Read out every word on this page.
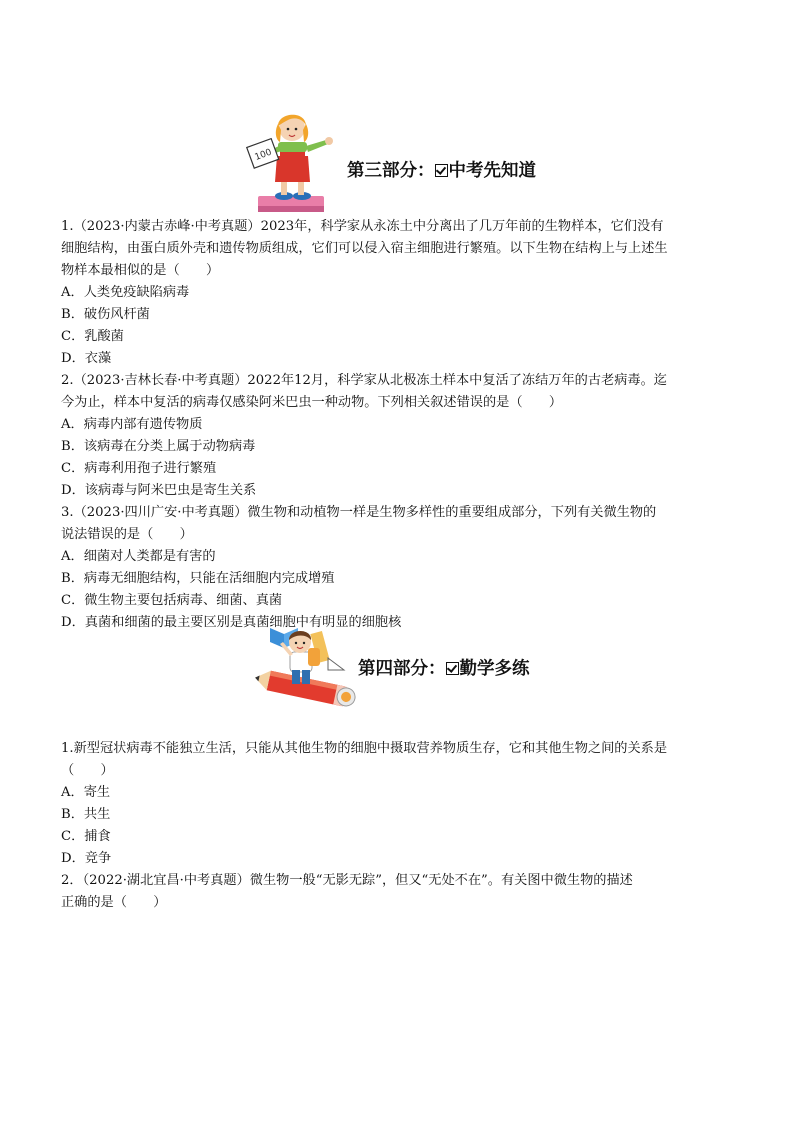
100
第三部分： 中考先知道
1.（2023·内蒙古赤峰·中考真题）2023年，科学家从永冻土中分离出了几万年前的生物样本，它们没有
细胞结构，由蛋白质外壳和遗传物质组成，它们可以侵入宿主细胞进行繁殖。以下生物在结构上与上述生
物样本最相似的是（　　）
A．人类免疫缺陷病毒
B．破伤风杆菌
C．乳酸菌
D．衣藻
2.（2023·吉林长春·中考真题）2022年12月，科学家从北极冻土样本中复活了冻结万年的古老病毒。迄
今为止，样本中复活的病毒仅感染阿米巴虫一种动物。下列相关叙述错误的是（　　）
A．病毒内部有遗传物质
B．该病毒在分类上属于动物病毒
C．病毒利用孢子进行繁殖
D．该病毒与阿米巴虫是寄生关系
3.（2023·四川广安·中考真题）微生物和动植物一样是生物多样性的重要组成部分，下列有关微生物的
说法错误的是（　　）
A．细菌对人类都是有害的
B．病毒无细胞结构，只能在活细胞内完成增殖
C．微生物主要包括病毒、细菌、真菌
D．真菌和细菌的最主要区别是真菌细胞中有明显的细胞核
第四部分： 勤学多练
1.新型冠状病毒不能独立生活，只能从其他生物的细胞中摄取营养物质生存，它和其他生物之间的关系是
（　　）
A．寄生
B．共生
C．捕食
D．竞争
2．（2022·湖北宜昌·中考真题）微生物一般“无影无踪”，但又“无处不在”。有关图中微生物的描述
正确的是（　　）
